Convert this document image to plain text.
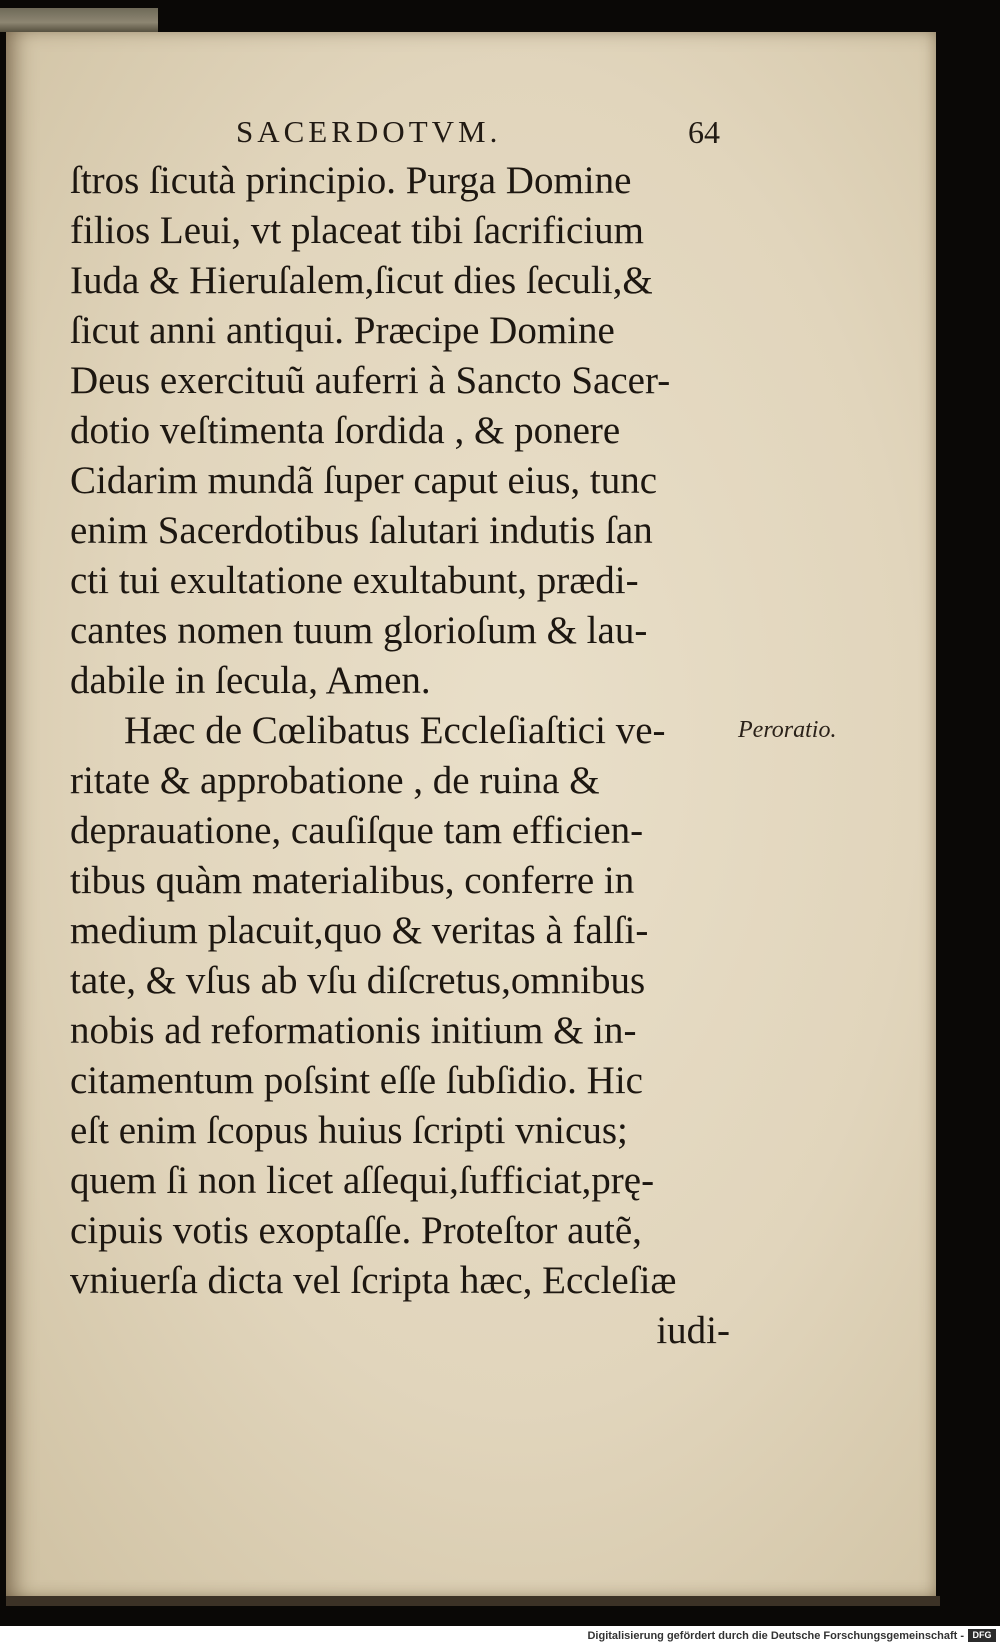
SACERDOTVM.	64
ſtros ſicutà principio. Purga Domine
filios Leui, vt placeat tibi ſacrificium
Iuda & Hieruſalem,ſicut dies ſeculi,&
ſicut anni antiqui. Præcipe Domine
Deus exercituũ auferri à Sancto Sacer-
dotio veſtimenta ſordida , & ponere
Cidarim mundã ſuper caput eius, tunc
enim Sacerdotibus ſalutari indutis ſan
cti tui exultatione exultabunt, prædi-
cantes nomen tuum glorioſum & lau-
dabile in ſecula, Amen.
Hæc de Cœlibatus Eccleſiaſtici ve-
ritate & approbatione , de ruina &
deprauatione, cauſiſque tam efficien-
tibus quàm materialibus, conferre in
medium placuit,quo & veritas à falſi-
tate, & vſus ab vſu diſcretus,omnibus
nobis ad reformationis initium & in-
citamentum poſsint eſſe ſubſidio. Hic
eſt enim ſcopus huius ſcripti vnicus;
quem ſi non licet aſſequi,ſufficiat,prę-
cipuis votis exoptaſſe. Proteſtor autẽ,
vniuerſa dicta vel ſcripta hæc, Eccleſiæ
iudi-
Peroratio.
Digitalisierung gefördert durch die Deutsche Forschungsgemeinschaft - DFG
